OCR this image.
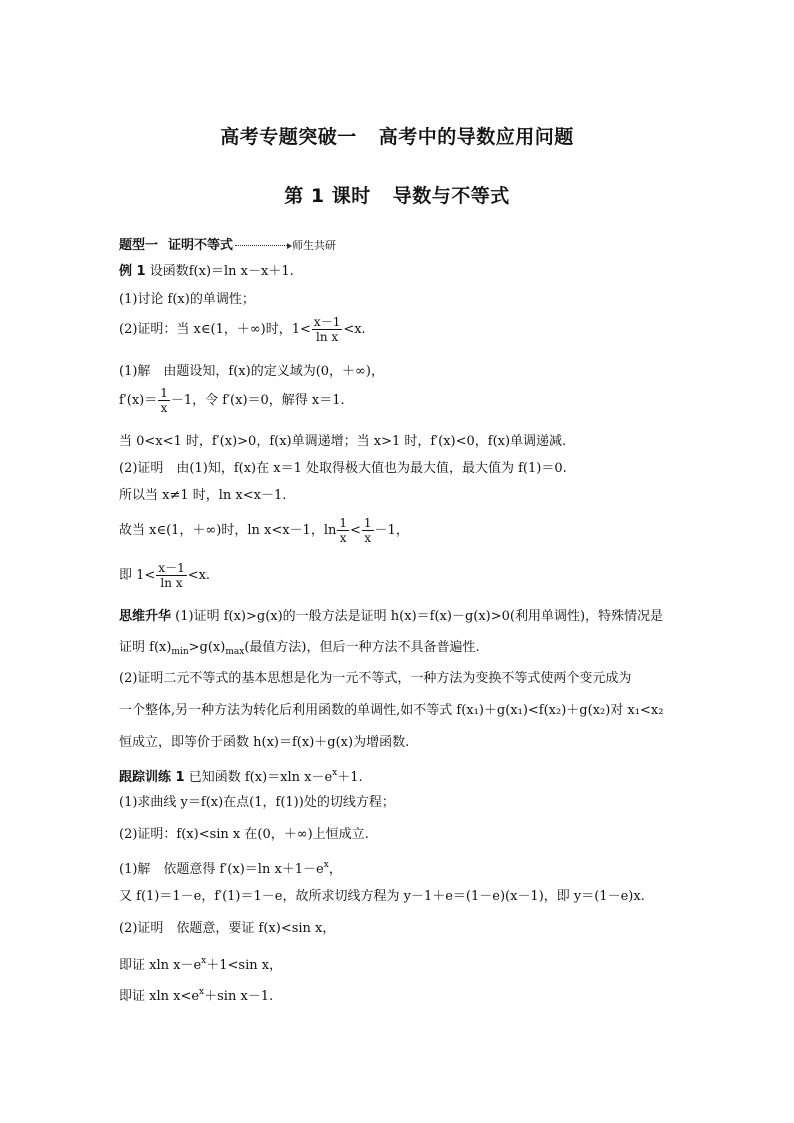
高考专题突破一 高考中的导数应用问题
第 1 课时 导数与不等式
题型一 证明不等式	师生共研
例 1 设函数f(x)＝ln x－x＋1.
(1)讨论 f(x)的单调性；
(2)证明：当 x∈(1，＋∞)时，$1< \frac{x-1}{\text{ln x}} <x$.
(1)解　由题设知，f(x)的定义域为(0，＋∞)，
$f'(x)= \frac{1}{x} -1$，令 f′(x)＝0，解得 x＝1.
当 0<x<1 时，f′(x)>0，f(x)单调递增；当 x>1 时，f′(x)<0，f(x)单调递减.
(2)证明　由(1)知，f(x)在 x＝1 处取得极大值也为最大值，最大值为 f(1)＝0.
所以当 x≠1 时，ln x<x－1.
故当 x∈(1，＋∞)时，ln x<x－1，$\ln \frac{1}{x} < \frac{1}{x} -1$，
即 $1< \frac{x-1}{\text{ln x}} <x$.
思维升华 (1)证明 f(x)>g(x)的一般方法是证明 h(x)＝f(x)－g(x)>0(利用单调性)，特殊情况是
证明 $f(x)_{min}>g(x)_{max}$(最值方法)，但后一种方法不具备普遍性.
(2)证明二元不等式的基本思想是化为一元不等式，一种方法为变换不等式使两个变元成为
一个整体,另一种方法为转化后利用函数的单调性,如不等式 f(x₁)＋g(x₁)<f(x₂)＋g(x₂)对 x₁<x₂
恒成立，即等价于函数 h(x)＝f(x)＋g(x)为增函数.
跟踪训练 1 已知函数 f(x)＝xln $x-e^x+1$.
(1)求曲线 y＝f(x)在点(1，f(1))处的切线方程；
(2)证明：f(x)<sin x 在(0，＋∞)上恒成立.
(1)解　依题意得 f′(x)＝ln $x+1-e^x$，
又 f(1)＝1－e，f′(1)＝1－e，故所求切线方程为 y－1＋e＝(1－e)(x－1)，即 y＝(1－e)x.
(2)证明　依题意，要证 f(x)<sin x，
即证 xln $x-e^x+1<\sin$ x，
即证 xln $x<e^x+\sin$ x－1.
